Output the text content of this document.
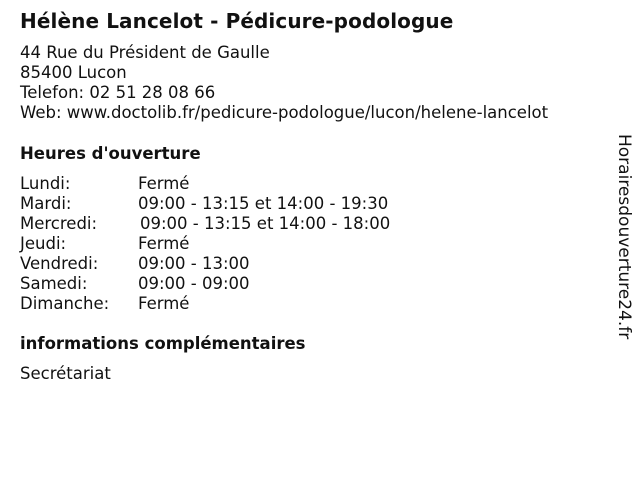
Hélène Lancelot - Pédicure-podologue
44 Rue du Président de Gaulle
85400 Lucon
Telefon: 02 51 28 08 66
Web: www.doctolib.fr/pedicure-podologue/lucon/helene-lancelot
Heures d'ouverture
Lundi:	Fermé
Mardi:	09:00 - 13:15 et 14:00 - 19:30
Mercredi:	09:00 - 13:15 et 14:00 - 18:00
Jeudi:	Fermé
Vendredi: 09:00 - 13:00
Samedi:	09:00 - 09:00
Dimanche: Fermé
informations complémentaires
Secrétariat
Horairesdouverture24.fr
